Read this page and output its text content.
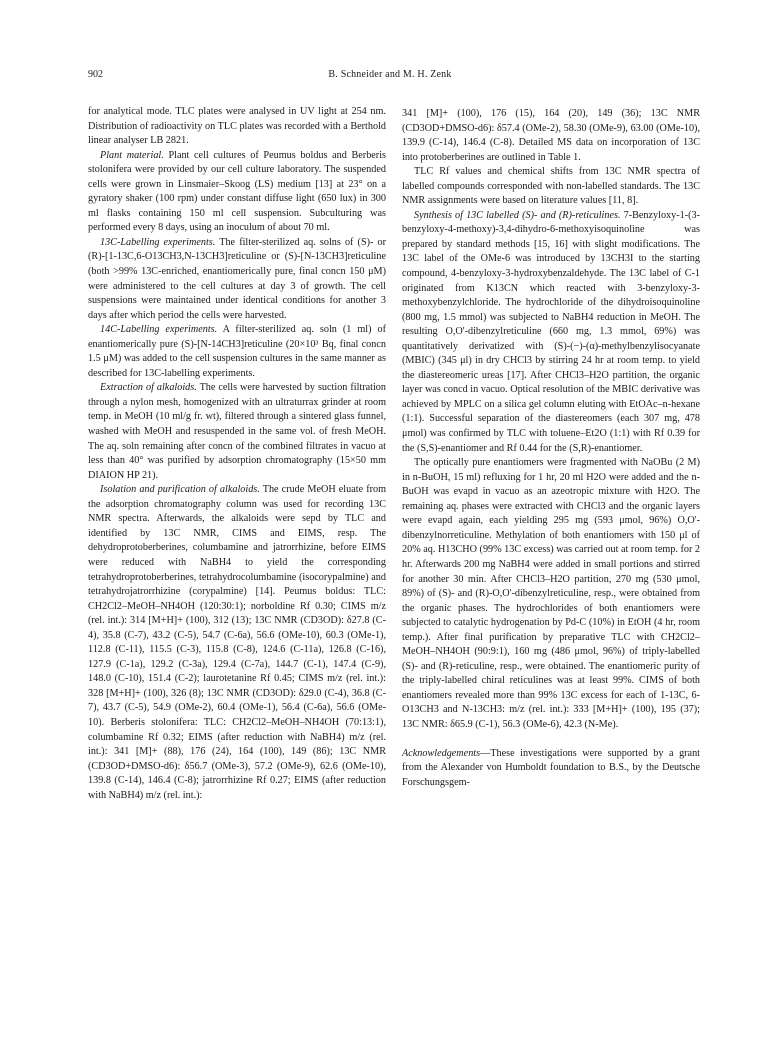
902	B. Schneider and M. H. Zenk

for analytical mode. TLC plates were analysed in UV light at 254 nm. Distribution of radioactivity on TLC plates was recorded with a Berthold linear analyser LB 2821.

Plant material. Plant cell cultures of Peumus boldus and Berberis stolonifera were provided by our cell culture laboratory. The suspended cells were grown in Linsmaier–Skoog (LS) medium [13] at 23° on a gyratory shaker (100 rpm) under constant diffuse light (650 lux) in 300 ml flasks containing 150 ml cell suspension. Subculturing was performed every 8 days, using an inoculum of about 70 ml.

13C-Labelling experiments. The filter-sterilized aq. solns of (S)- or (R)-[1-13C,6-O13CH3,N-13CH3]reticuline or (S)-[N-13CH3]reticuline (both >99% 13C-enriched, enantiomerically pure, final concn 150 μM) were administered to the cell cultures at day 3 of growth. The cell suspensions were maintained under identical conditions for another 3 days after which period the cells were harvested.

14C-Labelling experiments. A filter-sterilized aq. soln (1 ml) of enantiomerically pure (S)-[N-14CH3]reticuline (20×10³ Bq, final concn 1.5 μM) was added to the cell suspension cultures in the same manner as described for 13C-labelling experiments.

Extraction of alkaloids. The cells were harvested by suction filtration through a nylon mesh, homogenized with an ultraturrax grinder at room temp. in MeOH (10 ml/g fr. wt), filtered through a sintered glass funnel, washed with MeOH and resuspended in the same vol. of fresh MeOH. The aq. soln remaining after concn of the combined filtrates in vacuo at less than 40° was purified by adsorption chromatography (15×50 mm DIAION HP 21).

Isolation and purification of alkaloids. The crude MeOH eluate from the adsorption chromatography column was used for recording 13C NMR spectra. Afterwards, the alkaloids were sepd by TLC and identified by 13C NMR, CIMS and EIMS, resp. The dehydroprotoberberines, columbamine and jatrorrhizine, before EIMS were reduced with NaBH4 to yield the corresponding tetrahydroprotoberberines, tetrahydrocolumbamine (isocorypalmine) and tetrahydrojatrorrhizine (corypalmine) [14]. Peumus boldus: TLC: CH2Cl2–MeOH–NH4OH (120:30:1); norboldine Rf 0.30; CIMS m/z (rel. int.): 314 [M+H]+ (100), 312 (13); 13C NMR (CD3OD): δ27.8 (C-4), 35.8 (C-7), 43.2 (C-5), 54.7 (C-6a), 56.6 (OMe-10), 60.3 (OMe-1), 112.8 (C-11), 115.5 (C-3), 115.8 (C-8), 124.6 (C-11a), 126.8 (C-16), 127.9 (C-1a), 129.2 (C-3a), 129.4 (C-7a), 144.7 (C-1), 147.4 (C-9), 148.0 (C-10), 151.4 (C-2); laurotetanine Rf 0.45; CIMS m/z (rel. int.): 328 [M+H]+ (100), 326 (8); 13C NMR (CD3OD): δ29.0 (C-4), 36.8 (C-7), 43.7 (C-5), 54.9 (OMe-2), 60.4 (OMe-1), 56.4 (C-6a), 56.6 (OMe-10). Berberis stolonifera: TLC: CH2Cl2–MeOH–NH4OH (70:13:1), columbamine Rf 0.32; EIMS (after reduction with NaBH4) m/z (rel. int.): 341 [M]+ (88), 176 (24), 164 (100), 149 (86); 13C NMR (CD3OD+DMSO-d6): δ56.7 (OMe-3), 57.2 (OMe-9), 62.6 (OMe-10), 139.8 (C-14), 146.4 (C-8); jatrorrhizine Rf 0.27; EIMS (after reduction with NaBH4) m/z (rel. int.):

341 [M]+ (100), 176 (15), 164 (20), 149 (36); 13C NMR (CD3OD+DMSO-d6): δ57.4 (OMe-2), 58.30 (OMe-9), 63.00 (OMe-10), 139.9 (C-14), 146.4 (C-8). Detailed MS data on incorporation of 13C into protoberberines are outlined in Table 1.

TLC Rf values and chemical shifts from 13C NMR spectra of labelled compounds corresponded with non-labelled standards. The 13C NMR assignments were based on literature values [11, 8].

Synthesis of 13C labelled (S)- and (R)-reticulines. 7-Benzyloxy-1-(3-benzyloxy-4-methoxy)-3,4-dihydro-6-methoxyisoquinoline was prepared by standard methods [15, 16] with slight modifications. The 13C label of the OMe-6 was introduced by 13CH3I to the starting compound, 4-benzyloxy-3-hydroxybenzaldehyde. The 13C label of C-1 originated from K13CN which reacted with 3-benzyloxy-3-methoxybenzylchloride. The hydrochloride of the dihydroisoquinoline (800 mg, 1.5 mmol) was subjected to NaBH4 reduction in MeOH. The resulting O,O'-dibenzylreticuline (660 mg, 1.3 mmol, 69%) was quantitatively derivatized with (S)-(−)-(α)-methylbenzylisocyanate (MBIC) (345 μl) in dry CHCl3 by stirring 24 hr at room temp. to yield the diastereomeric ureas [17]. After CHCl3–H2O partition, the organic layer was concd in vacuo. Optical resolution of the MBIC derivative was achieved by MPLC on a silica gel column eluting with EtOAc–n-hexane (1:1). Successful separation of the diastereomers (each 307 mg, 478 μmol) was confirmed by TLC with toluene–Et2O (1:1) with Rf 0.39 for the (S,S)-enantiomer and Rf 0.44 for the (S,R)-enantiomer.

The optically pure enantiomers were fragmented with NaOBu (2 M) in n-BuOH, 15 ml) refluxing for 1 hr, 20 ml H2O were added and the n-BuOH was evapd in vacuo as an azeotropic mixture with H2O. The remaining aq. phases were extracted with CHCl3 and the organic layers were evapd again, each yielding 295 mg (593 μmol, 96%) O,O'-dibenzylnorreticuline. Methylation of both enantiomers with 150 μl of 20% aq. H13CHO (99% 13C excess) was carried out at room temp. for 2 hr. Afterwards 200 mg NaBH4 were added in small portions and stirred for another 30 min. After CHCl3–H2O partition, 270 mg (530 μmol, 89%) of (S)- and (R)-O,O'-dibenzylreticuline, resp., were obtained from the organic phases. The hydrochlorides of both enantiomers were subjected to catalytic hydrogenation by Pd-C (10%) in EtOH (4 hr, room temp.). After final purification by preparative TLC with CH2Cl2–MeOH–NH4OH (90:9:1), 160 mg (486 μmol, 96%) of triply-labelled (S)- and (R)-reticuline, resp., were obtained. The enantiomeric purity of the triply-labelled chiral reticulines was at least 99%. CIMS of both enantiomers revealed more than 99% 13C excess for each of 1-13C, 6-O13CH3 and N-13CH3: m/z (rel. int.): 333 [M+H]+ (100), 195 (37); 13C NMR: δ65.9 (C-1), 56.3 (OMe-6), 42.3 (N-Me).

Acknowledgements—These investigations were supported by a grant from the Alexander von Humboldt foundation to B.S., by the Deutsche Forschungsgem-
